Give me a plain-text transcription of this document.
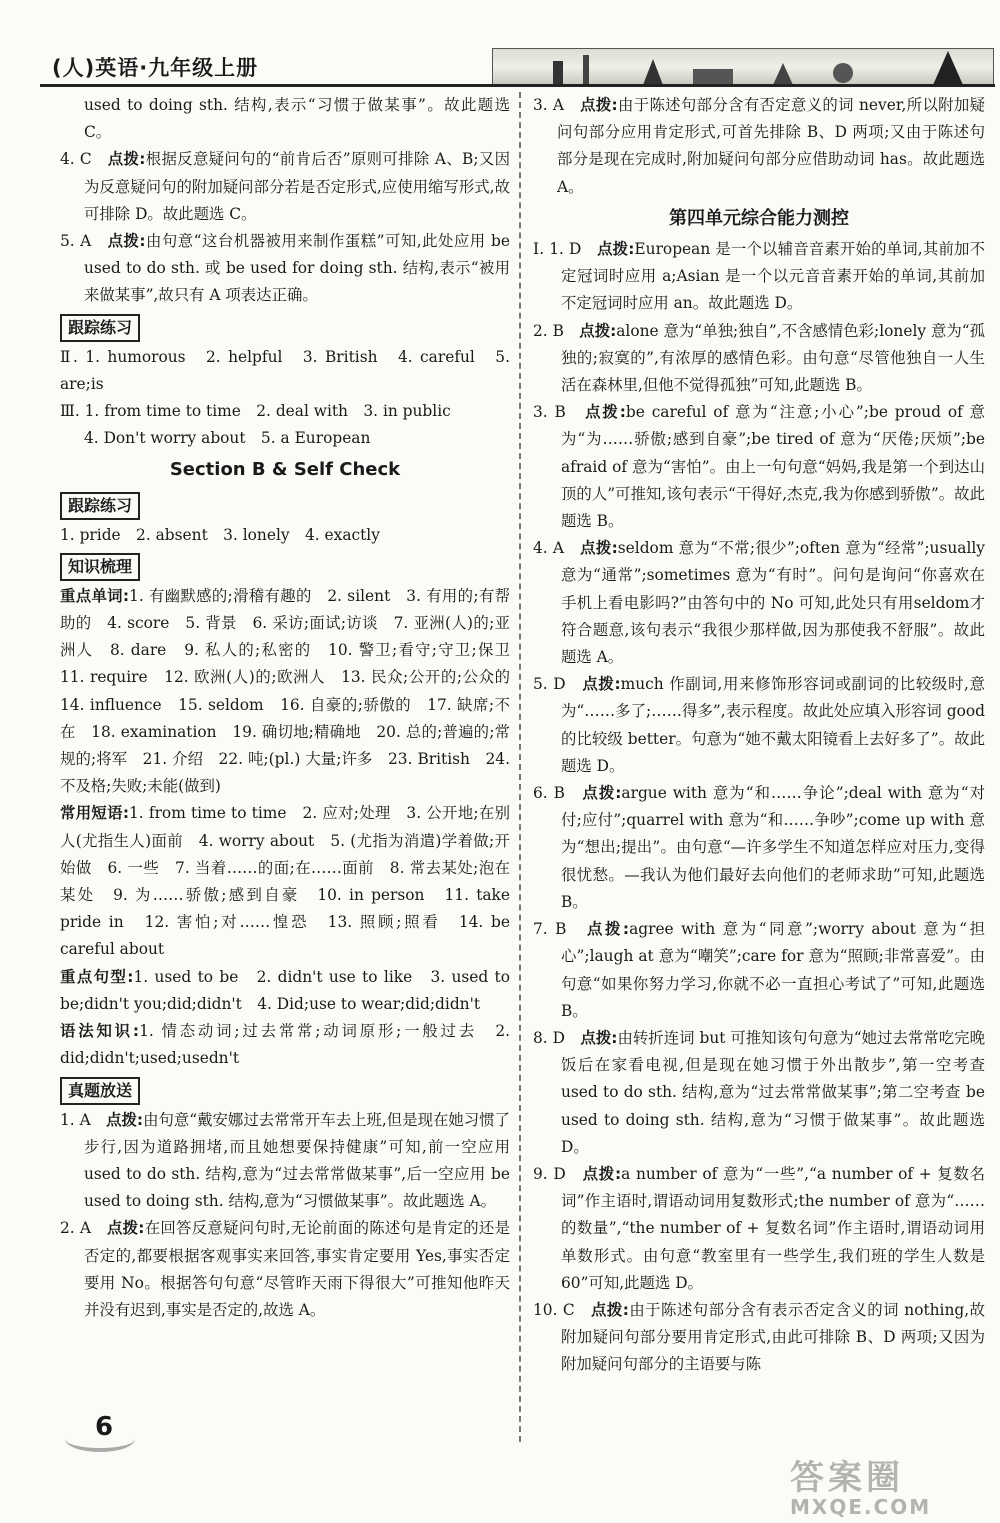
(人)英语·九年级上册

used to doing sth. 结构,表示“习惯于做某事”。故此题选 C。

4. C　 点拨:根据反意疑问句的“前肯后否”原则可排除 A、B;又因为反意疑问句的附加疑问部分若是否定形式,应使用缩写形式,故可排除 D。故此题选 C。

5. A　 点拨:由句意“这台机器被用来制作蛋糕”可知,此处应用 be used to do sth. 或 be used for doing sth. 结构,表示“被用来做某事”,故只有 A 项表达正确。

跟踪练习

Ⅱ. 1. humorous　2. helpful　3. British　4. careful　5. are;is

Ⅲ. 1. from time to time　2. deal with　3. in public

4. Don't worry about　5. a European

Section B & Self Check
跟踪练习

1. pride　2. absent　3. lonely　4. exactly

知识梳理

重点单词:1. 有幽默感的;滑稽有趣的　2. silent　3. 有用的;有帮助的　4. score　5. 背景　6. 采访;面试;访谈　7. 亚洲(人)的;亚洲人　8. dare　9. 私人的;私密的　10. 警卫;看守;守卫;保卫　11. require　12. 欧洲(人)的;欧洲人　13. 民众;公开的;公众的　14. influence　15. seldom　16. 自豪的;骄傲的　17. 缺席;不在　18. examination　19. 确切地;精确地　20. 总的;普遍的;常规的;将军　21. 介绍　22. 吨;(pl.) 大量;许多　23. British　24. 不及格;失败;未能(做到)

常用短语:1. from time to time　2. 应对;处理　3. 公开地;在别人(尤指生人)面前　4. worry about　5. (尤指为消遣)学着做;开始做　6. 一些　7. 当着……的面;在……面前　8. 常去某处;泡在某处　9. 为……骄傲;感到自豪　10. in person　11. take pride in　12. 害怕;对……惶恐　13. 照顾;照看　14. be careful about

重点句型:1. used to be　2. didn't use to like　3. used to be;didn't you;did;didn't　4. Did;use to wear;did;didn't

语法知识:1. 情态动词;过去常常;动词原形;一般过去　2. did;didn't;used;usedn't

真题放送

1. A　 点拨:由句意“戴安娜过去常常开车去上班,但是现在她习惯了步行,因为道路拥堵,而且她想要保持健康”可知,前一空应用 used to do sth. 结构,意为“过去常常做某事”,后一空应用 be used to doing sth. 结构,意为“习惯做某事”。故此题选 A。

2. A　 点拨:在回答反意疑问句时,无论前面的陈述句是肯定的还是否定的,都要根据客观事实来回答,事实肯定要用 Yes,事实否定要用 No。根据答句句意“尽管昨天雨下得很大”可推知他昨天并没有迟到,事实是否定的,故选 A。

3. A　 点拨:由于陈述句部分含有否定意义的词 never,所以附加疑问句部分应用肯定形式,可首先排除 B、D 两项;又由于陈述句部分是现在完成时,附加疑问句部分应借助动词 has。故此题选 A。

第四单元综合能力测控

Ⅰ. 1. D　 点拨:European 是一个以辅音音素开始的单词,其前加不定冠词时应用 a;Asian 是一个以元音音素开始的单词,其前加不定冠词时应用 an。故此题选 D。

2. B　 点拨:alone 意为“单独;独自”,不含感情色彩;lonely 意为“孤独的;寂寞的”,有浓厚的感情色彩。由句意“尽管他独自一人生活在森林里,但他不觉得孤独”可知,此题选 B。

3. B　 点拨:be careful of 意为“注意;小心”;be proud of 意为“为……骄傲;感到自豪”;be tired of 意为“厌倦;厌烦”;be afraid of 意为“害怕”。由上一句句意“妈妈,我是第一个到达山顶的人”可推知,该句表示“干得好,杰克,我为你感到骄傲”。故此题选 B。

4. A　 点拨:seldom 意为“不常;很少”;often 意为“经常”;usually 意为“通常”;sometimes 意为“有时”。问句是询问“你喜欢在手机上看电影吗?”由答句中的 No 可知,此处只有用seldom才符合题意,该句表示“我很少那样做,因为那使我不舒服”。故此题选 A。

5. D　 点拨:much 作副词,用来修饰形容词或副词的比较级时,意为“……多了;……得多”,表示程度。故此处应填入形容词 good 的比较级 better。句意为“她不戴太阳镜看上去好多了”。故此题选 D。

6. B　 点拨:argue with 意为“和……争论”;deal with 意为“对付;应付”;quarrel with 意为“和……争吵”;come up with 意为“想出;提出”。由句意“—许多学生不知道怎样应对压力,变得很忧愁。—我认为他们最好去向他们的老师求助”可知,此题选 B。

7. B　 点拨:agree with 意为“同意”;worry about 意为“担心”;laugh at 意为“嘲笑”;care for 意为“照顾;非常喜爱”。由句意“如果你努力学习,你就不必一直担心考试了”可知,此题选 B。

8. D　 点拨:由转折连词 but 可推知该句句意为“她过去常常吃完晚饭后在家看电视,但是现在她习惯于外出散步”,第一空考查 used to do sth. 结构,意为“过去常常做某事”;第二空考查 be used to doing sth. 结构,意为“习惯于做某事”。故此题选 D。

9. D　 点拨:a number of 意为“一些”,“a number of + 复数名词”作主语时,谓语动词用复数形式;the number of 意为“……的数量”,“the number of + 复数名词”作主语时,谓语动词用单数形式。由句意“教室里有一些学生,我们班的学生人数是 60”可知,此题选 D。

10. C　 点拨:由于陈述句部分含有表示否定含义的词 nothing,故附加疑问句部分要用肯定形式,由此可排除 B、D 两项;又因为附加疑问句部分的主语要与陈

6
答案圈
MXQE.COM
